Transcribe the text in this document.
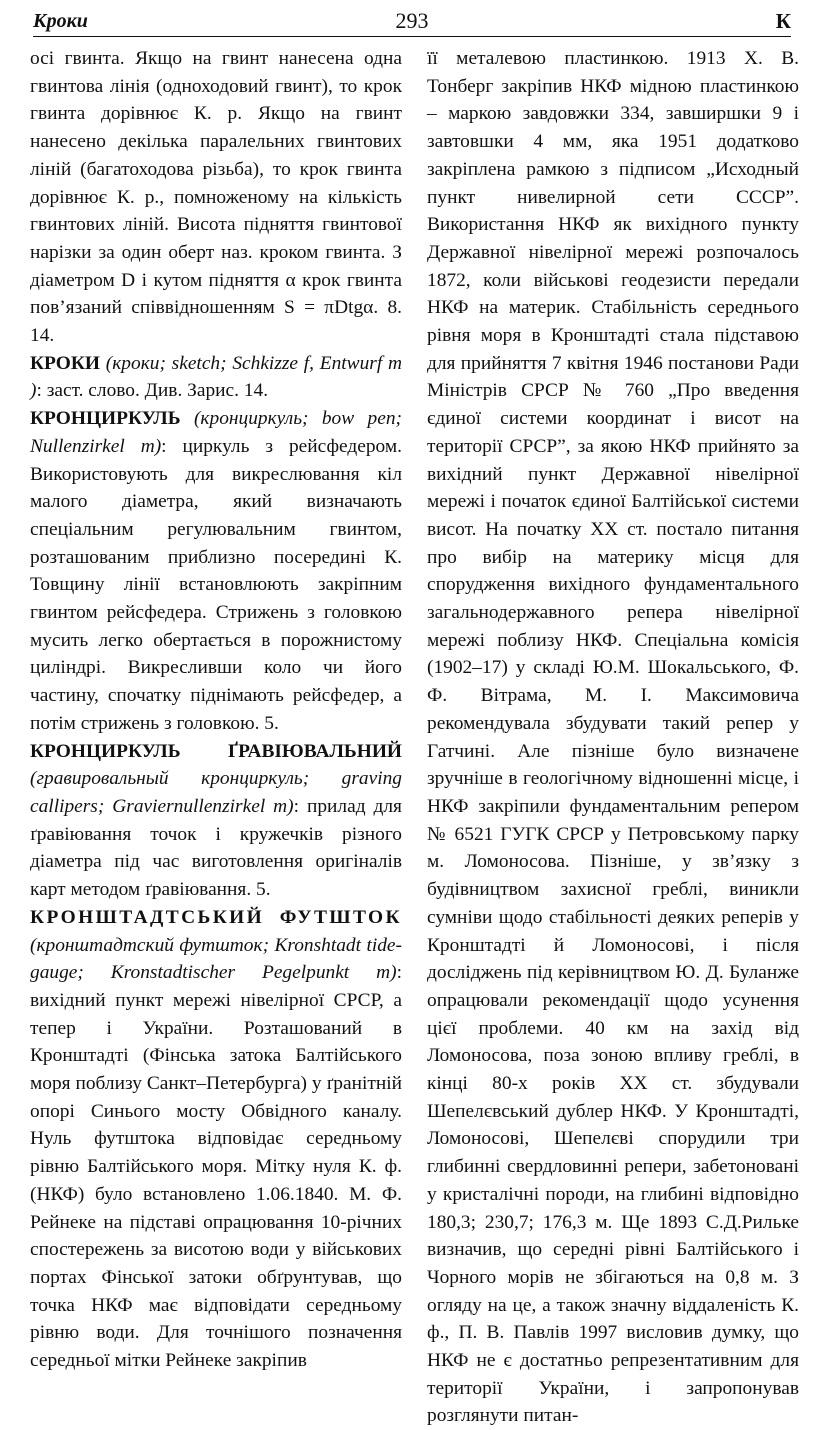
Кроки	293	К

осі гвинта. Якщо на гвинт нанесена одна гвинтова лінія (одноходовий гвинт), то крок гвинта дорівнює К. р. Якщо на гвинт нанесено декілька паралельних гвинтових ліній (багатоходова різьба), то крок гвинта дорівнює К. р., помноженому на кількість гвинтових ліній. Висота підняття гвинтової нарізки за один оберт наз. кроком гвинта. З діаметром D і кутом підняття α крок гвинта пов’язаний співвідношенням S = πDtgα. 8. 14.

КРОКИ (кроки; sketch; Schkizze f, Entwurf m ): заст. слово. Див. Зарис. 14.

КРОНЦИРКУЛЬ (кронциркуль; bow pen; Nullenzirkel m): циркуль з рейсфедером. Використовують для викреслювання кіл малого діаметра, який визначають спеціальним регулювальним гвинтом, розташованим приблизно посередині К. Товщину лінії встановлюють закріпним гвинтом рейсфедера. Стрижень з головкою мусить легко обертається в порожнистому циліндрі. Викресливши коло чи його частину, спочатку піднімають рейсфедер, а потім стрижень з головкою. 5.

КРОНЦИРКУЛЬ ҐРАВІЮВАЛЬНИЙ (гравировальный кронциркуль; graving callipers; Graviernullenzirkel m): прилад для ґравіювання точок і кружечків різного діаметра під час виготовлення оригіналів карт методом ґравіювання. 5.

КРОНШТАДТСЬКИЙ ФУТШТОК (кронштадтский футшток; Kronshtadt tide-gauge; Kronstadtischer Pegelpunkt m): вихідний пункт мережі нівелірної СРСР, а тепер і України. Розташований в Кронштадті (Фінська затока Балтійського моря поблизу Санкт–Петербурга) у ґранітній опорі Синього мосту Обвідного каналу. Нуль футштока відповідає середньому рівню Балтійського моря. Мітку нуля К. ф. (НКФ) було встановлено 1.06.1840. М. Ф. Рейнеке на підставі опрацювання 10-річних спостережень за висотою води у військових портах Фінської затоки обґрунтував, що точка НКФ має відповідати середньому рівню води. Для точнішого позначення середньої мітки Рейнеке закріпив

її металевою пластинкою. 1913 Х. В. Тонберг закріпив НКФ мідною пластинкою – маркою завдовжки 334, завширшки 9 і завтовшки 4 мм, яка 1951 додатково закріплена рамкою з підписом „Исходный пункт нивелирной сети СССР”. Використання НКФ як вихідного пункту Державної нівелірної мережі розпочалось 1872, коли військові геодезисти передали НКФ на материк. Стабільність середнього рівня моря в Кронштадті стала підставою для прийняття 7 квітня 1946 постанови Ради Міністрів СРСР № 760 „Про введення єдиної системи координат і висот на території СРСР”, за якою НКФ прийнято за вихідний пункт Державної нівелірної мережі і початок єдиної Балтійської системи висот. На початку ХХ ст. постало питання про вибір на материку місця для спорудження вихідного фундаментального загальнодержавного репера нівелірної мережі поблизу НКФ. Спеціальна комісія (1902–17) у складі Ю.М. Шокальського, Ф. Ф. Вітрама, М. І. Максимовича рекомендувала збудувати такий репер у Гатчині. Але пізніше було визначене зручніше в геологічному відношенні місце, і НКФ закріпили фундаментальним репером № 6521 ГУГК СРСР у Петровському парку м. Ломоносова. Пізніше, у зв’язку з будівництвом захисної греблі, виникли сумніви щодо стабільності деяких реперів у Кронштадті й Ломоносові, і після досліджень під керівництвом Ю. Д. Буланже опрацювали рекомендації щодо усунення цієї проблеми. 40 км на захід від Ломоносова, поза зоною впливу греблі, в кінці 80-х років ХХ ст. збудували Шепелєвський дублер НКФ. У Кронштадті, Ломоносові, Шепелєві спорудили три глибинні свердловинні репери, забетоновані у кристалічні породи, на глибині відповідно 180,3; 230,7; 176,3 м. Ще 1893 С.Д.Рильке визначив, що середні рівні Балтійського і Чорного морів не збігаються на 0,8 м. З огляду на це, а також значну віддаленість К. ф., П. В. Павлів 1997 висловив думку, що НКФ не є достатньо репрезентативним для території України, і запропонував розглянути питан-
